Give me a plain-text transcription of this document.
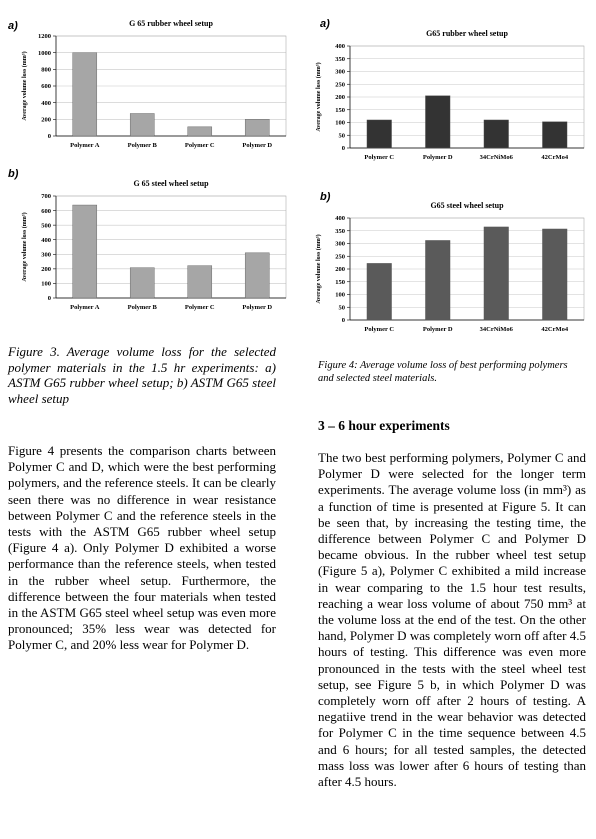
a)	G 65 rubber wheel setup
0
200
400
600
800
1000
1200
Average volume loss (mm³)
Polymer A	Polymer B	Polymer C	Polymer D
b)
G 65 steel wheel setup
0
100
200
300
400
500
600
700
Average volume loss (mm³)
Polymer A	Polymer B	Polymer C	Polymer D
a)
G65 rubber wheel setup
0
50
100
150
200
250
300
350
400
Average volume loss (mm³)
Polymer C	Polymer D	34CrNiMo6	42CrMo4
b)
G65 steel wheel setup
0
50
100
150
200
250
300
350
400
Average volume loss (mm³)
Polymer C	Polymer D	34CrNiMo6	42CrMo4
Figure 3. Average volume loss for the selected polymer materials in the 1.5 hr experiments: a) ASTM G65 rubber wheel setup; b) ASTM G65 steel wheel setup
Figure 4: Average volume loss of best performing polymers and selected steel materials.
3 – 6 hour experiments

Figure 4 presents the comparison charts between Polymer C and D, which were the best performing polymers, and the reference steels. It can be clearly seen there was no difference in wear resistance between Polymer C and the reference steels in the tests with the ASTM G65 rubber wheel setup (Figure 4 a). Only Polymer D exhibited a worse performance than the reference steels, when tested in the rubber wheel setup. Furthermore, the difference between the four materials when tested in the ASTM G65 steel wheel setup was even more pronounced; 35% less wear was detected for Polymer C, and 20% less wear for Polymer D.

The two best performing polymers, Polymer C and Polymer D were selected for the longer term experiments. The average volume loss (in mm³) as a function of time is presented at Figure 5. It can be seen that, by increasing the testing time, the difference between Polymer C and Polymer D became obvious. In the rubber wheel test setup (Figure 5 a), Polymer C exhibited a mild increase in wear comparing to the 1.5 hour test results, reaching a wear loss volume of about 750 mm³ at the volume loss at the end of the test. On the other hand, Polymer D was completely worn off after 4.5 hours of testing. This difference was even more pronounced in the tests with the steel wheel test setup, see Figure 5 b, in which Polymer D was completely worn off after 2 hours of testing. A negatiive trend in the wear behavior was detected for Polymer C in the time sequence between 4.5 and 6 hours; for all tested samples, the detected mass loss was lower after 6 hours of testing than after 4.5 hours.
